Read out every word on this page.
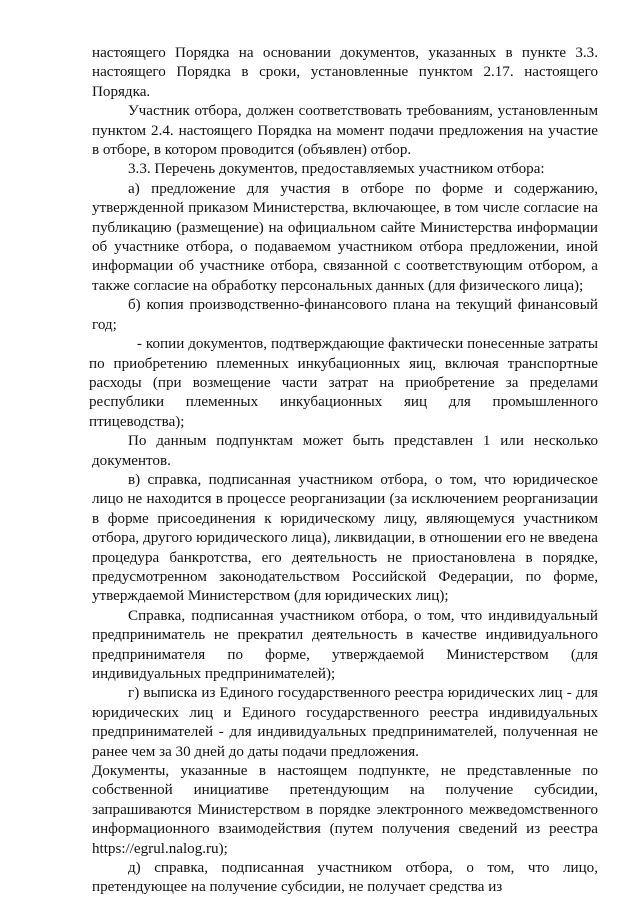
настоящего Порядка на основании документов, указанных в пункте 3.3. настоящего Порядка в сроки, установленные пунктом 2.17. настоящего Порядка.

Участник отбора, должен соответствовать требованиям, установленным пунктом 2.4. настоящего Порядка на момент подачи предложения на участие в отборе, в котором проводится (объявлен) отбор.

3.3. Перечень документов, предоставляемых участником отбора:

а) предложение для участия в отборе по форме и содержанию, утвержденной приказом Министерства, включающее, в том числе согласие на публикацию (размещение) на официальном сайте Министерства информации об участнике отбора, о подаваемом участником отбора предложении, иной информации об участнике отбора, связанной с соответствующим отбором, а также согласие на обработку персональных данных (для физического лица);

б) копия производственно-финансового плана на текущий финансовый год;

- копии документов, подтверждающие фактически понесенные затраты по приобретению племенных инкубационных яиц, включая транспортные расходы (при возмещение части затрат на приобретение за пределами республики племенных инкубационных яиц для промышленного птицеводства);

По данным подпунктам может быть представлен 1 или несколько документов.

в) справка, подписанная участником отбора, о том, что юридическое лицо не находится в процессе реорганизации (за исключением реорганизации в форме присоединения к юридическому лицу, являющемуся участником отбора, другого юридического лица), ликвидации, в отношении его не введена процедура банкротства, его деятельность не приостановлена в порядке, предусмотренном законодательством Российской Федерации, по форме, утверждаемой Министерством (для юридических лиц);

Справка, подписанная участником отбора, о том, что индивидуальный предприниматель не прекратил деятельность в качестве индивидуального предпринимателя по форме, утверждаемой Министерством (для индивидуальных предпринимателей);

г) выписка из Единого государственного реестра юридических лиц - для юридических лиц и Единого государственного реестра индивидуальных предпринимателей - для индивидуальных предпринимателей, полученная не ранее чем за 30 дней до даты подачи предложения.

Документы, указанные в настоящем подпункте, не представленные по собственной инициативе претендующим на получение субсидии, запрашиваются Министерством в порядке электронного межведомственного информационного взаимодействия (путем получения сведений из реестра https://egrul.nalog.ru);

д) справка, подписанная участником отбора, о том, что лицо, претендующее на получение субсидии, не получает средства из
